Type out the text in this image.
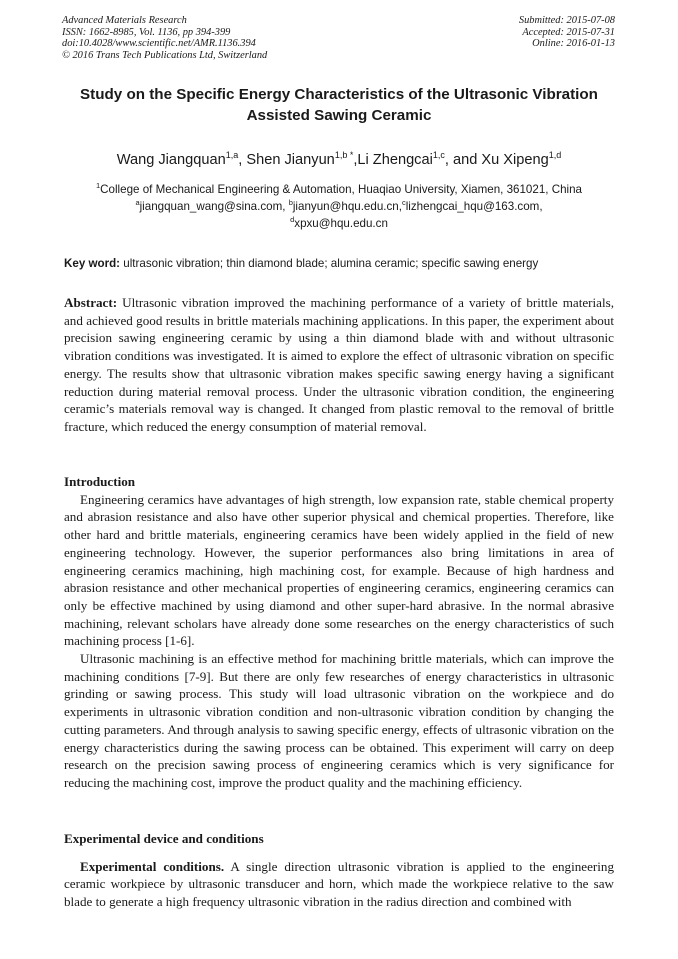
Advanced Materials Research
ISSN: 1662-8985, Vol. 1136, pp 394-399
doi:10.4028/www.scientific.net/AMR.1136.394
© 2016 Trans Tech Publications Ltd, Switzerland
Submitted: 2015-07-08
Accepted: 2015-07-31
Online: 2016-01-13
Study on the Specific Energy Characteristics of the Ultrasonic Vibration
Assisted Sawing Ceramic
Wang Jiangquan$^{1,a}$, Shen Jianyun$^{1,b *}$,Li Zhengcai$^{1,c}$, and Xu Xipeng$^{1,d}$
$^1$College of Mechanical Engineering & Automation, Huaqiao University, Xiamen, 361021, China
$^a$jiangquan_wang@sina.com, $^b$jianyun@hqu.edu.cn,$^c$lizhengcai_hqu@163.com,
$^d$xpxu@hqu.edu.cn
Key word: ultrasonic vibration; thin diamond blade; alumina ceramic; specific sawing energy

Abstract: Ultrasonic vibration improved the machining performance of a variety of brittle materials, and achieved good results in brittle materials machining applications. In this paper, the experiment about precision sawing engineering ceramic by using a thin diamond blade with and without ultrasonic vibration conditions was investigated. It is aimed to explore the effect of ultrasonic vibration on specific energy. The results show that ultrasonic vibration makes specific sawing energy having a significant reduction during material removal process. Under the ultrasonic vibration condition, the engineering ceramic’s materials removal way is changed. It changed from plastic removal to the removal of brittle fracture, which reduced the energy consumption of material removal.

Introduction

Engineering ceramics have advantages of high strength, low expansion rate, stable chemical property and abrasion resistance and also have other superior physical and chemical properties. Therefore, like other hard and brittle materials, engineering ceramics have been widely applied in the field of new engineering technology. However, the superior performances also bring limitations in area of engineering ceramics machining, high machining cost, for example. Because of high hardness and abrasion resistance and other mechanical properties of engineering ceramics, engineering ceramics can only be effective machined by using diamond and other super-hard abrasive. In the normal abrasive machining, relevant scholars have already done some researches on the energy characteristics of such machining process [1-6].

Ultrasonic machining is an effective method for machining brittle materials, which can improve the machining conditions [7-9]. But there are only few researches of energy characteristics in ultrasonic grinding or sawing process. This study will load ultrasonic vibration on the workpiece and do experiments in ultrasonic vibration condition and non-ultrasonic vibration condition by changing the cutting parameters. And through analysis to sawing specific energy, effects of ultrasonic vibration on the energy characteristics during the sawing process can be obtained. This experiment will carry on deep research on the precision sawing process of engineering ceramics which is very significance for reducing the machining cost, improve the product quality and the machining efficiency.

Experimental device and conditions

Experimental conditions. A single direction ultrasonic vibration is applied to the engineering ceramic workpiece by ultrasonic transducer and horn, which made the workpiece relative to the saw blade to generate a high frequency ultrasonic vibration in the radius direction and combined with
